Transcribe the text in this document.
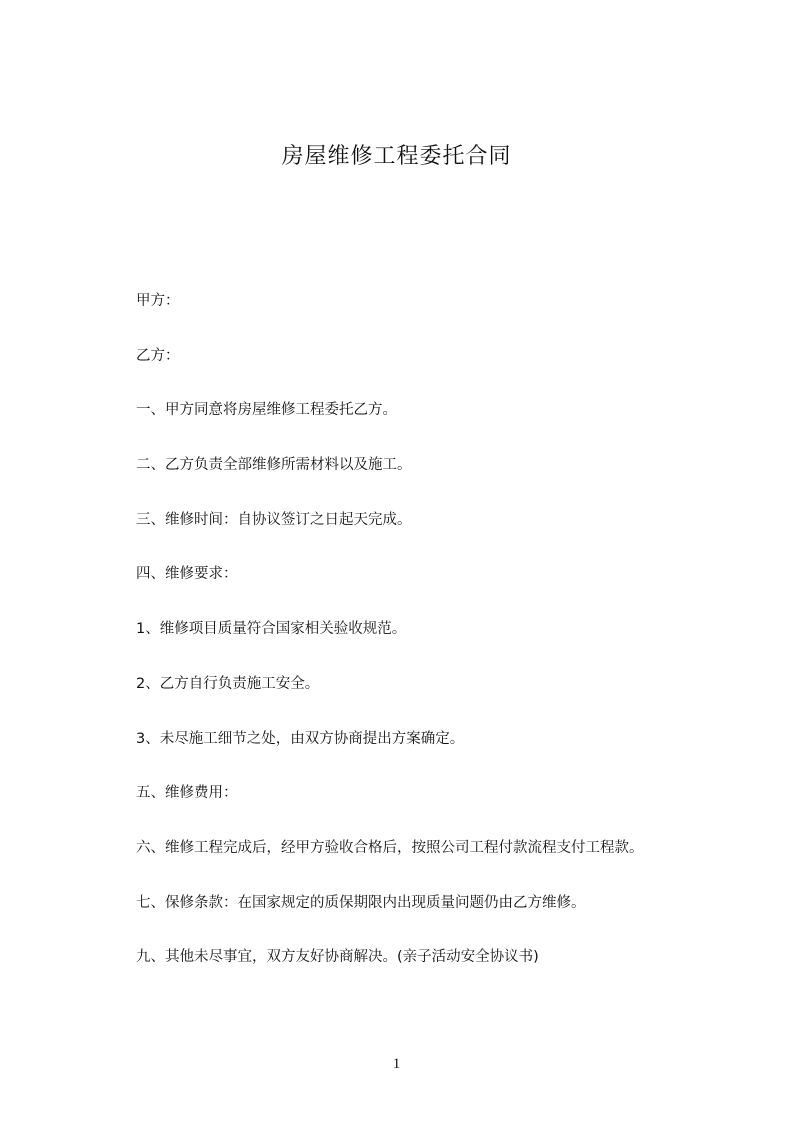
房屋维修工程委托合同
甲方：
乙方：
一、甲方同意将房屋维修工程委托乙方。
二、乙方负责全部维修所需材料以及施工。
三、维修时间：自协议签订之日起天完成。
四、维修要求：
1、维修项目质量符合国家相关验收规范。
2、乙方自行负责施工安全。
3、未尽施工细节之处，由双方协商提出方案确定。
五、维修费用：
六、维修工程完成后，经甲方验收合格后，按照公司工程付款流程支付工程款。
七、保修条款：在国家规定的质保期限内出现质量问题仍由乙方维修。
九、其他未尽事宜，双方友好协商解决。(亲子活动安全协议书)
1
